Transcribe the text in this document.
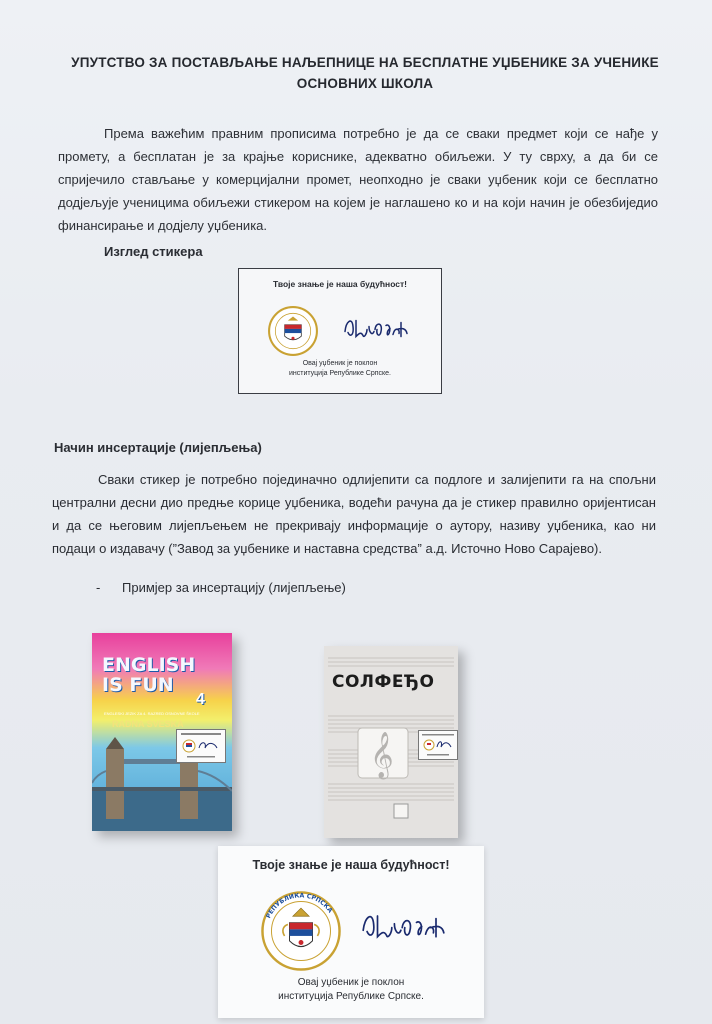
УПУТСТВО ЗА ПОСТАВЉАЊЕ НАЉЕПНИЦЕ НА БЕСПЛАТНЕ УЏБЕНИКЕ ЗА УЧЕНИКЕ ОСНОВНИХ ШКОЛА
Према важећим правним прописима потребно је да се сваки предмет који се нађе у промету, а бесплатан је за крајње кориснике, адекватно обиљежи. У ту сврху, а да би се спријечило стављање у комерцијални промет, неопходно је сваки уџбеник који се бесплатно додјељује ученицима обиљежи стикером на којем је наглашено ко и на који начин је обезбиједио финансирање и додјелу уџбеника.
Изглед стикера
Твоје знање је наша будућност!
Овај уџбеник је поклон
институција Републике Српске.
Начин инсертације (лијепљења)
Сваки стикер је потребно појединачно одлијепити са подлоге и залијепити га на спољни централни десни дио предње корице уџбеника, водећи рачуна да је стикер правилно оријентисан и да се његовим лијепљењем не прекривају информације о аутору, називу уџбеника, као ни подаци о издавачу (”Завод за уџбенике и наставна средства” а.д. Источно Ново Сарајево).
- Примјер за инсертацију (лијепљење)
ENGLISH
IS FUN
4
ENGLESKI JEZIK ZA 4. RAZRED OSNOVNE ŠKOLE
RADNA SVESKA
𝄞
СОЛФЕЂО
Твоје знање је наша будућност!
РЕПУБЛИКА СРПСКА
Овај уџбеник је поклон
институција Републике Српске.
